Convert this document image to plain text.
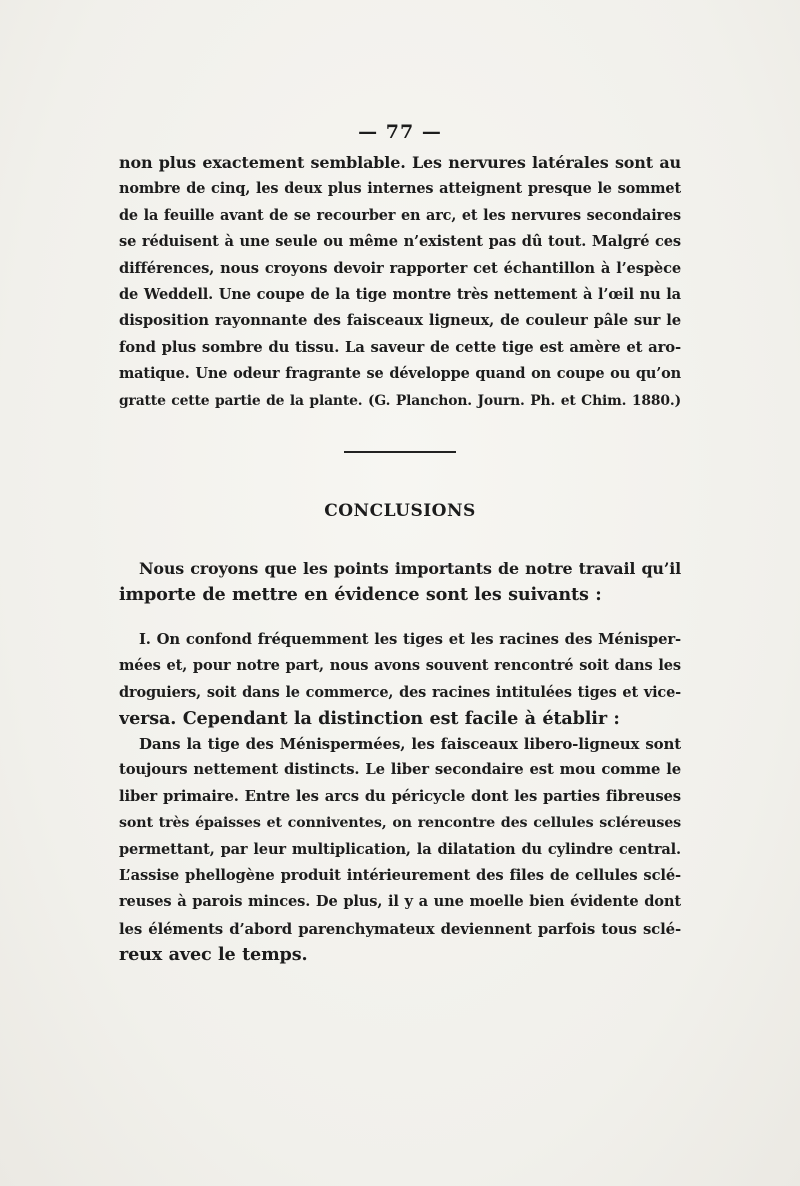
— 77 —
non plus exactement semblable. Les nervures latérales sont au
nombre de cinq, les deux plus internes atteignent presque le sommet
de la feuille avant de se recourber en arc, et les nervures secondaires
se réduisent à une seule ou même n’existent pas dû tout. Malgré ces
différences, nous croyons devoir rapporter cet échantillon à l’espèce
de Weddell. Une coupe de la tige montre très nettement à l’œil nu la
disposition rayonnante des faisceaux ligneux, de couleur pâle sur le
fond plus sombre du tissu. La saveur de cette tige est amère et aro-
matique. Une odeur fragrante se développe quand on coupe ou qu’on
gratte cette partie de la plante. (G. Planchon. Journ. Ph. et Chim. 1880.)
CONCLUSIONS
Nous croyons que les points importants de notre travail qu’il
importe de mettre en évidence sont les suivants :
I. On confond fréquemment les tiges et les racines des Ménisper-
mées et, pour notre part, nous avons souvent rencontré soit dans les
droguiers, soit dans le commerce, des racines intitulées tiges et vice-
versa. Cependant la distinction est facile à établir :
Dans la tige des Ménispermées, les faisceaux libero-ligneux sont
toujours nettement distincts. Le liber secondaire est mou comme le
liber primaire. Entre les arcs du péricycle dont les parties fibreuses
sont très épaisses et conniventes, on rencontre des cellules scléreuses
permettant, par leur multiplication, la dilatation du cylindre central.
L’assise phellogène produit intérieurement des files de cellules sclé-
reuses à parois minces. De plus, il y a une moelle bien évidente dont
les éléments d’abord parenchymateux deviennent parfois tous sclé-
reux avec le temps.
